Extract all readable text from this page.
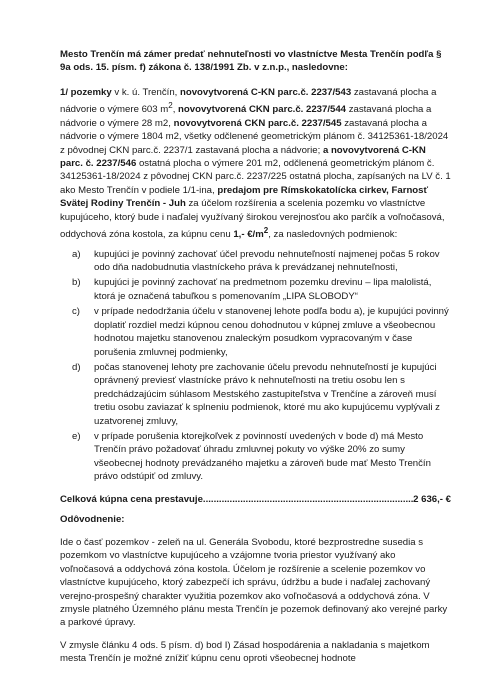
Mesto Trenčín má zámer predať nehnuteľnosti vo vlastníctve Mesta Trenčín podľa § 9a ods. 15. písm. f) zákona č. 138/1991 Zb. v z.n.p., nasledovne:

1/ pozemky v k. ú. Trenčín, novovytvorená C-KN parc.č. 2237/543 zastavaná plocha a nádvorie o výmere 603 $m^2$, novovytvorená CKN parc.č. 2237/544 zastavaná plocha a nádvorie o výmere 28 m2, novovytvorená CKN parc.č. 2237/545 zastavaná plocha a nádvorie o výmere 1804 m2, všetky odčlenené geometrickým plánom č. 34125361-18/2024 z pôvodnej CKN parc.č. 2237/1 zastavaná plocha a nádvorie; a novovytvorená C-KN parc. č. 2237/546 ostatná plocha o výmere 201 m2, odčlenená geometrickým plánom č. 34125361-18/2024 z pôvodnej CKN parc.č. 2237/225 ostatná plocha, zapísaných na LV č. 1 ako Mesto Trenčín v podiele 1/1-ina, predajom pre Rímskokatolícka cirkev, Farnosť Svätej Rodiny Trenčín - Juh za účelom rozšírenia a scelenia pozemku vo vlastníctve kupujúceho, ktorý bude i naďalej využívaný širokou verejnosťou ako parčík a voľnočasová, oddychová zóna kostola, za kúpnu cenu 1,- $€/m^2$, za nasledovných podmienok:

a)	kupujúci je povinný zachovať účel prevodu nehnuteľností najmenej počas 5 rokov odo dňa nadobudnutia vlastníckeho práva k prevádzanej nehnuteľnosti,
b)	kupujúci je povinný zachovať na predmetnom pozemku drevinu – lipa malolistá, ktorá je označená tabuľkou s pomenovaním „LIPA SLOBODY“
c)	v prípade nedodržania účelu v stanovenej lehote podľa bodu a), je kupujúci povinný doplatiť rozdiel medzi kúpnou cenou dohodnutou v kúpnej zmluve a všeobecnou hodnotou majetku stanovenou znaleckým posudkom vypracovaným v čase porušenia zmluvnej podmienky,
d)	počas stanovenej lehoty pre zachovanie účelu prevodu nehnuteľností je kupujúci oprávnený previesť vlastnícke právo k nehnuteľnosti na tretiu osobu len s predchádzajúcim súhlasom Mestského zastupiteľstva v Trenčíne a zároveň musí tretiu osobu zaviazať k splneniu podmienok, ktoré mu ako kupujúcemu vyplývali z uzatvorenej zmluvy,
e)	v prípade porušenia ktorejkoľvek z povinností uvedených v bode d) má Mesto Trenčín právo požadovať úhradu zmluvnej pokuty vo výške 20% zo sumy všeobecnej hodnoty prevádzaného majetku a zároveň bude mať Mesto Trenčín právo odstúpiť od zmluvy.
Celková kúpna cena prestavuje
.....	2 636,- €

Odôvodnenie:

Ide o časť pozemkov - zeleň na ul. Generála Svobodu, ktoré bezprostredne susedia s pozemkom vo vlastníctve kupujúceho a vzájomne tvoria priestor využívaný ako voľnočasová a oddychová zóna kostola. Účelom je rozšírenie a scelenie pozemkov vo vlastníctve kupujúceho, ktorý zabezpečí ich správu, údržbu a bude i naďalej zachovaný verejno-prospešný charakter využitia pozemkov ako voľnočasová a oddychová zóna. V zmysle platného Územného plánu mesta Trenčín je pozemok definovaný ako verejné parky a parkové úpravy.

V zmysle článku 4 ods. 5 písm. d) bod I) Zásad hospodárenia a nakladania s majetkom mesta Trenčín je možné znížiť kúpnu cenu oproti všeobecnej hodnote
